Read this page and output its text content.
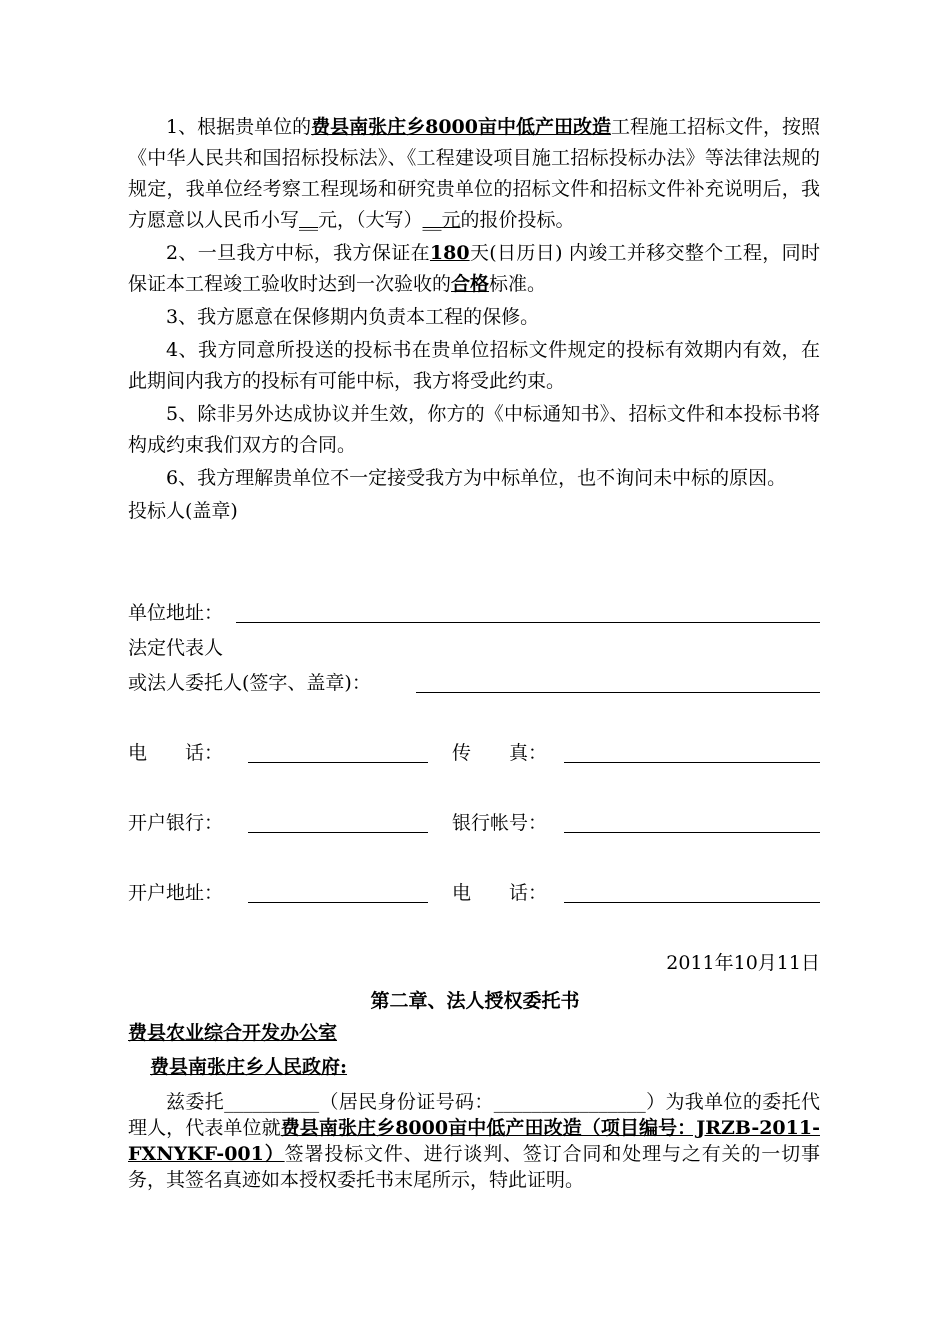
1、根据贵单位的费县南张庄乡8000亩中低产田改造工程施工招标文件，按照《中华人民共和国招标投标法》、《工程建设项目施工招标投标办法》等法律法规的规定，我单位经考察工程现场和研究贵单位的招标文件和招标文件补充说明后，我方愿意以人民币小写__元，（大写）__元的报价投标。

2、一旦我方中标，我方保证在180天(日历日) 内竣工并移交整个工程，同时保证本工程竣工验收时达到一次验收的合格标准。

3、我方愿意在保修期内负责本工程的保修。

4、我方同意所投送的投标书在贵单位招标文件规定的投标有效期内有效，在此期间内我方的投标有可能中标，我方将受此约束。

5、除非另外达成协议并生效，你方的《中标通知书》、招标文件和本投标书将构成约束我们双方的合同。

6、我方理解贵单位不一定接受我方为中标单位，也不询问未中标的原因。

投标人(盖章)

单位地址：
法定代表人
或法人委托人(签字、盖章)：
电　　话：	传　　真：
开户银行：	银行帐号：
开户地址：	电　　话：
2011年10月11日
第二章、法人授权委托书
费县农业综合开发办公室
费县南张庄乡人民政府:

兹委托__________（居民身份证号码：________________）为我单位的委托代理人，代表单位就费县南张庄乡8000亩中低产田改造（项目编号：JRZB-2011-FXNYKF-001）签署投标文件、进行谈判、签订合同和处理与之有关的一切事务，其签名真迹如本授权委托书末尾所示，特此证明。
